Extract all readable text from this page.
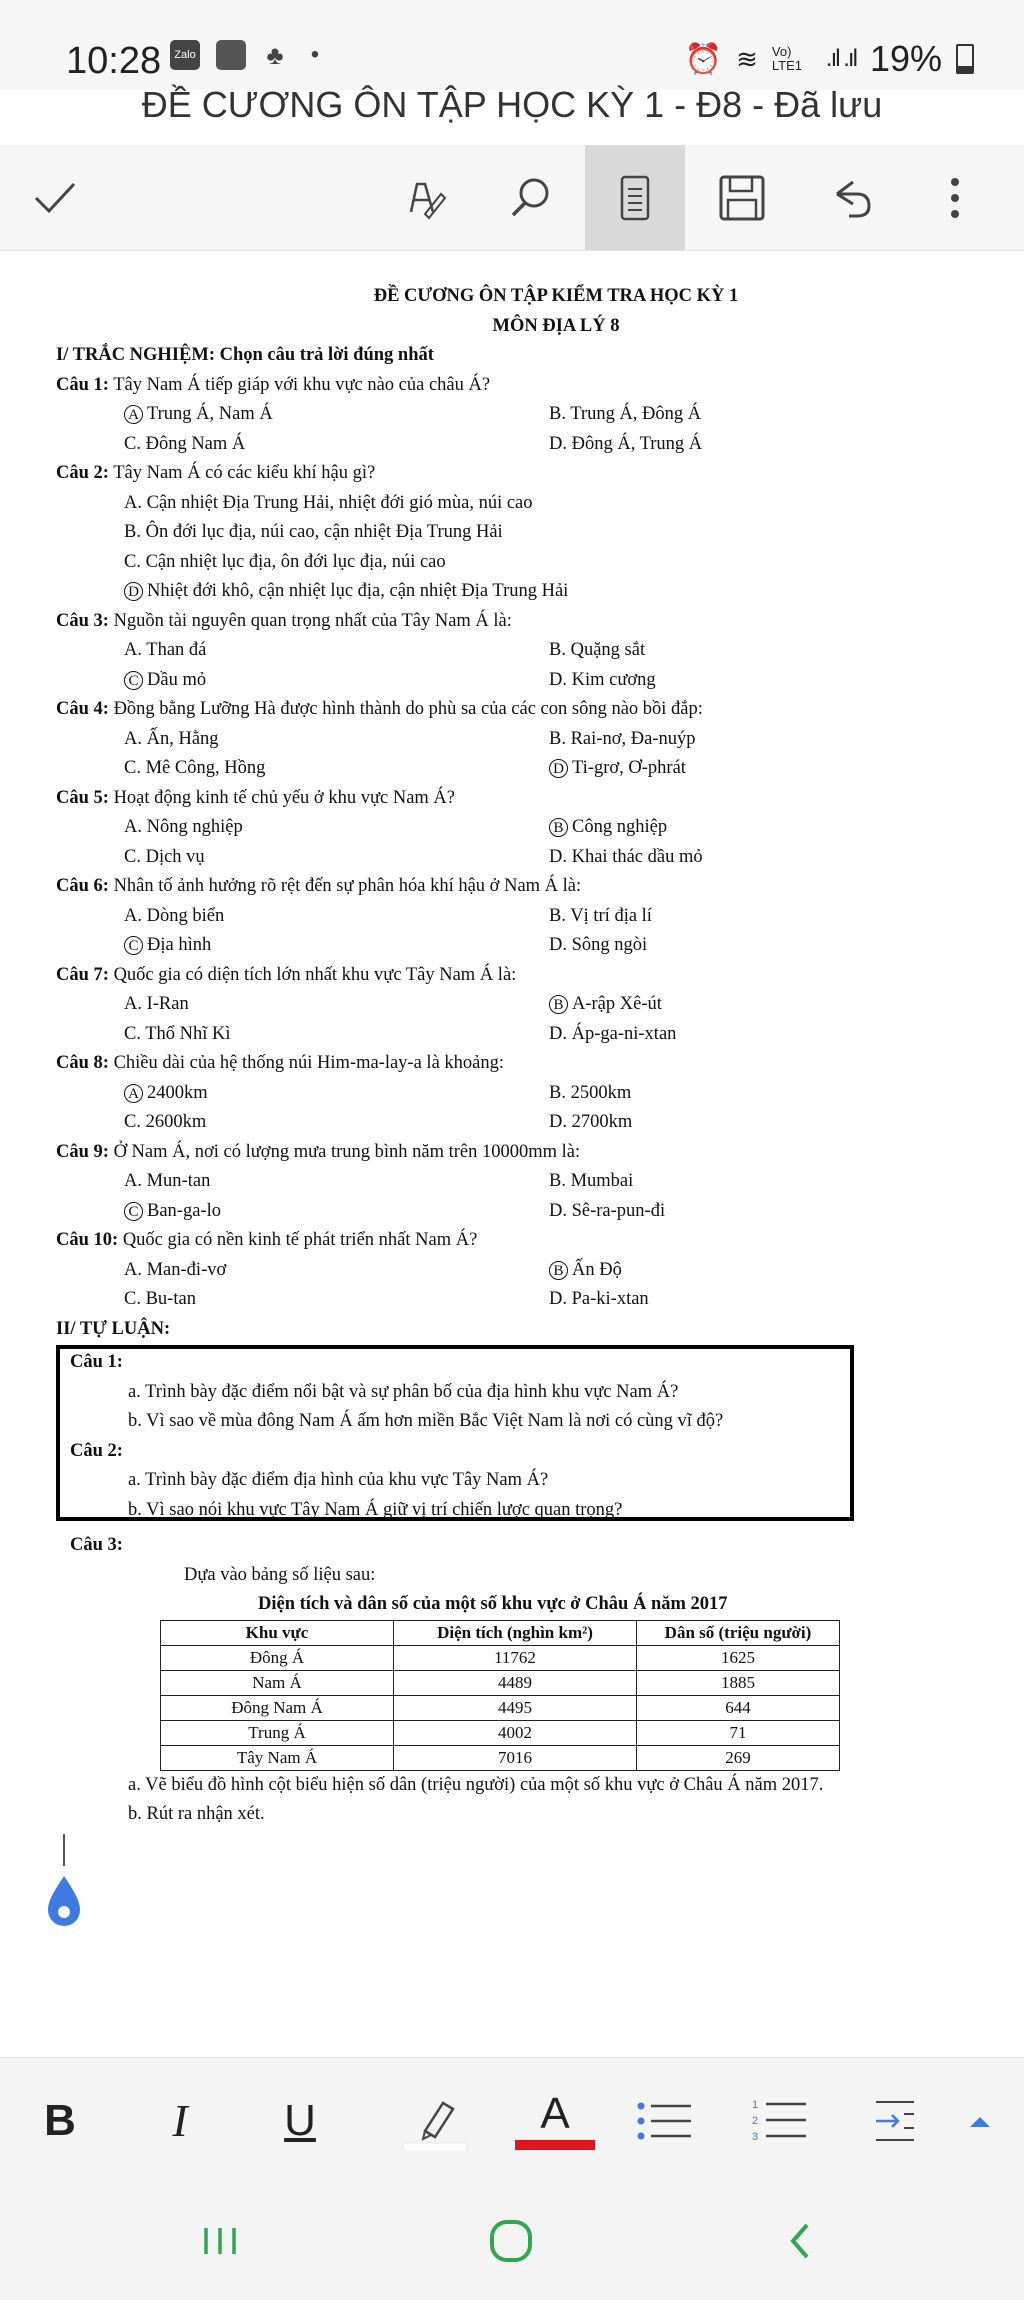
10:28	Zalo	♣	•	⏰ ≋ Vo) LTE1 .ıl .ıl 19%
ĐỀ CƯƠNG ÔN TẬP HỌC KỲ 1 - Đ8 - Đã lưu
ĐỀ CƯƠNG ÔN TẬP KIỂM TRA HỌC KỲ 1
MÔN ĐỊA LÝ 8
I/ TRẮC NGHIỆM: Chọn câu trả lời đúng nhất
Câu 1: Tây Nam Á tiếp giáp với khu vực nào của châu Á?
A Trung Á, Nam Á	B. Trung Á, Đông Á
C. Đông Nam Á	D. Đông Á, Trung Á
Câu 2: Tây Nam Á có các kiểu khí hậu gì?
A. Cận nhiệt Địa Trung Hải, nhiệt đới gió mùa, núi cao
B. Ôn đới lục địa, núi cao, cận nhiệt Địa Trung Hải
C. Cận nhiệt lục địa, ôn đới lục địa, núi cao
D Nhiệt đới khô, cận nhiệt lục địa, cận nhiệt Địa Trung Hải
Câu 3: Nguồn tài nguyên quan trọng nhất của Tây Nam Á là:
A. Than đá	B. Quặng sắt
C Dầu mỏ	D. Kim cương
Câu 4: Đồng bằng Lưỡng Hà được hình thành do phù sa của các con sông nào bồi đắp:
A. Ấn, Hằng	B. Rai-nơ, Đa-nuýp
C. Mê Công, Hồng	D Ti-grơ, Ơ-phrát
Câu 5: Hoạt động kinh tế chủ yếu ở khu vực Nam Á?
A. Nông nghiệp	B Công nghiệp
C. Dịch vụ	D. Khai thác dầu mỏ
Câu 6: Nhân tố ảnh hưởng rõ rệt đến sự phân hóa khí hậu ở Nam Á là:
A. Dòng biển	B. Vị trí địa lí
C Địa hình	D. Sông ngòi
Câu 7: Quốc gia có diện tích lớn nhất khu vực Tây Nam Á là:
A. I-Ran	B A-rập Xê-út
C. Thổ Nhĩ Kì	D. Áp-ga-ni-xtan
Câu 8: Chiều dài của hệ thống núi Him-ma-lay-a là khoảng:
A 2400km	B. 2500km
C. 2600km	D. 2700km
Câu 9: Ở Nam Á, nơi có lượng mưa trung bình năm trên 10000mm là:
A. Mun-tan	B. Mumbai
C Ban-ga-lo	D. Sê-ra-pun-đi
Câu 10: Quốc gia có nền kinh tế phát triển nhất Nam Á?
A. Man-đi-vơ	B Ấn Độ
C. Bu-tan	D. Pa-ki-xtan
II/ TỰ LUẬN:
Câu 1:
a. Trình bày đặc điểm nổi bật và sự phân bố của địa hình khu vực Nam Á?
b. Vì sao về mùa đông Nam Á ấm hơn miền Bắc Việt Nam là nơi có cùng vĩ độ?
Câu 2:
a. Trình bày đặc điểm địa hình của khu vực Tây Nam Á?
b. Vì sao nói khu vực Tây Nam Á giữ vị trí chiến lược quan trọng?
Câu 3:
Dựa vào bảng số liệu sau:
Diện tích và dân số của một số khu vực ở Châu Á năm 2017
Khu vực	Diện tích (nghìn km²)	Dân số (triệu người)
Đông Á	11762	1625
Nam Á	4489	1885
Đông Nam Á	4495	644
Trung Á	4002	71
Tây Nam Á	7016	269
a. Vẽ biểu đồ hình cột biểu hiện số dân (triệu người) của một số khu vực ở Châu Á năm 2017.
b. Rút ra nhận xét.
B I U	A	1
2
3
